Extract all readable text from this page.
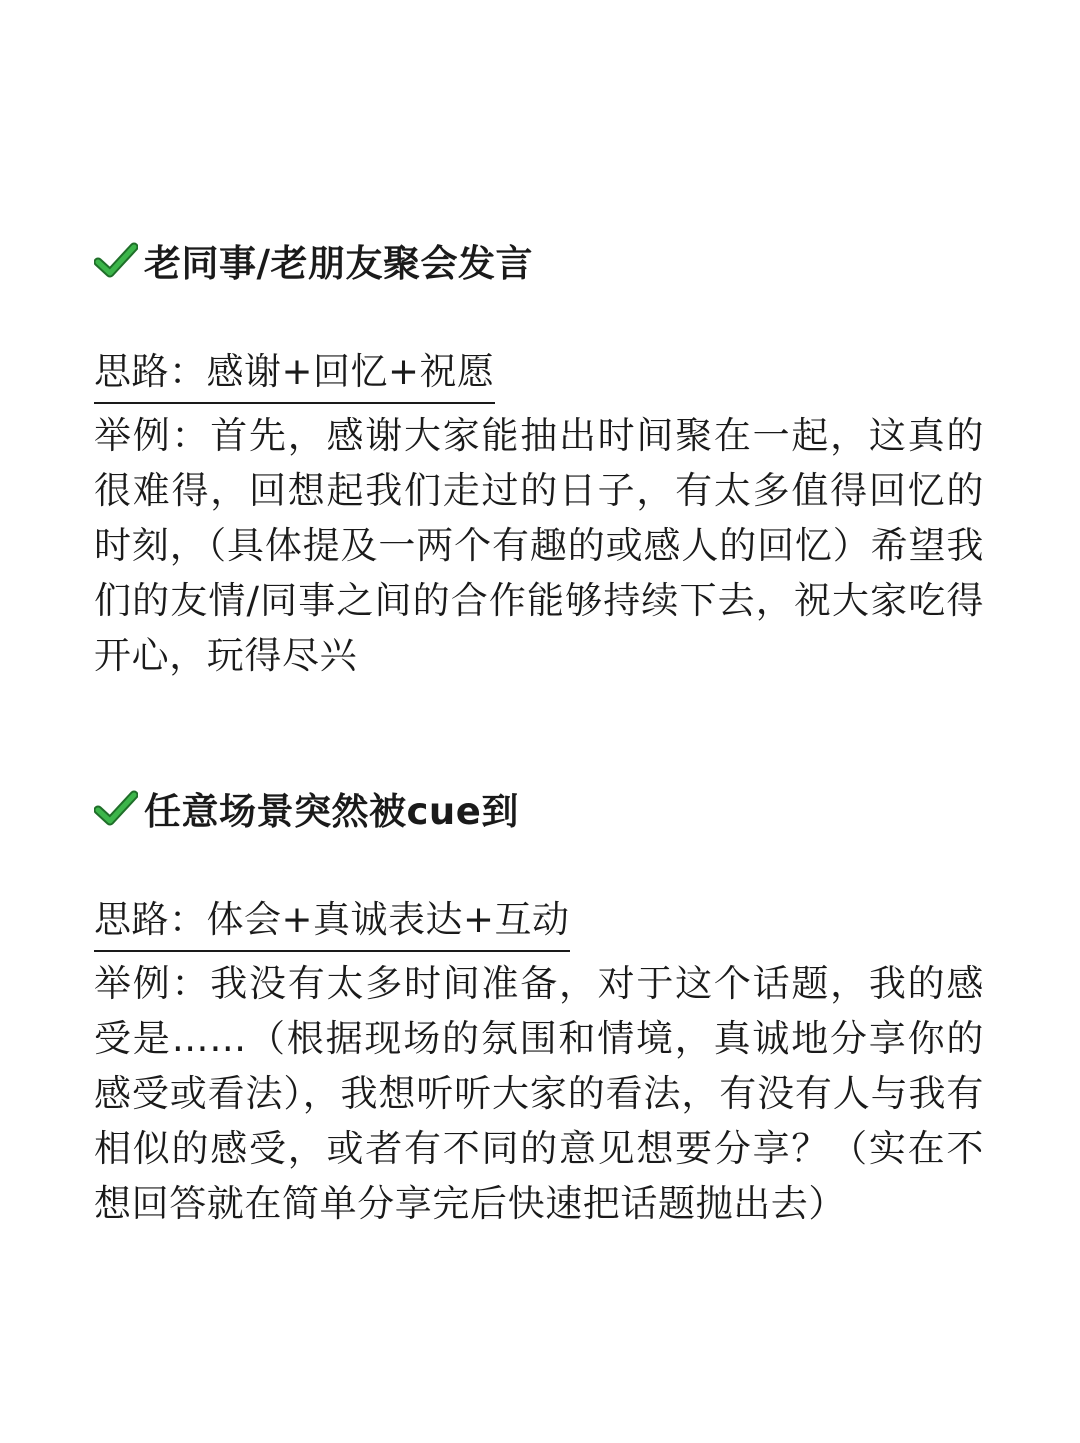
老同事/老朋友聚会发言
思路：感谢+回忆+祝愿
举例：首先，感谢大家能抽出时间聚在一起，这真的很难得，回想起我们走过的日子，有太多值得回忆的时刻，（具体提及一两个有趣的或感人的回忆）希望我们的友情/同事之间的合作能够持续下去，祝大家吃得开心，玩得尽兴
任意场景突然被cue到
思路：体会+真诚表达+互动
举例：我没有太多时间准备，对于这个话题，我的感受是……（根据现场的氛围和情境，真诚地分享你的感受或看法），我想听听大家的看法，有没有人与我有相似的感受，或者有不同的意见想要分享？（实在不想回答就在简单分享完后快速把话题抛出去）
